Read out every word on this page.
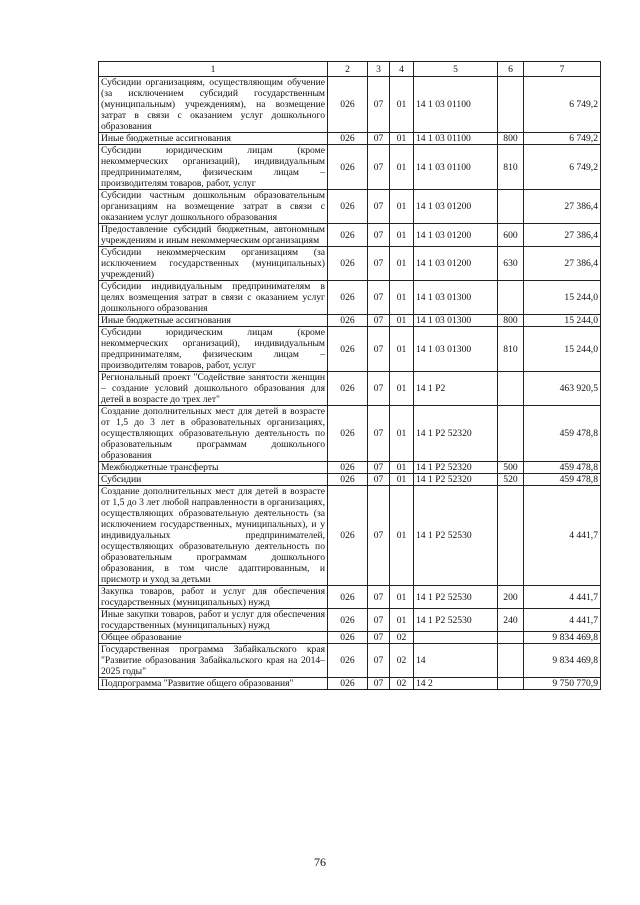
1	2	3	4	5	6	7
Субсидии организациям, осуществляющим обучение (за исключением субсидий государственным (муниципальным) учреждениям), на возмещение затрат в связи с оказанием услуг дошкольного образования	026	07	01	14 1 03 01100		6 749,2
Иные бюджетные ассигнования	026	07	01	14 1 03 01100	800	6 749,2
Субсидии юридическим лицам (кроме некоммерческих организаций), индивидуальным предпринимателям, физическим лицам – производителям товаров, работ, услуг	026	07	01	14 1 03 01100	810	6 749,2
Субсидии частным дошкольным образовательным организациям на возмещение затрат в связи с оказанием услуг дошкольного образования	026	07	01	14 1 03 01200		27 386,4
Предоставление субсидий бюджетным, автономным учреждениям и иным некоммерческим организациям	026	07	01	14 1 03 01200	600	27 386,4
Субсидии некоммерческим организациям (за исключением государственных (муниципальных) учреждений)	026	07	01	14 1 03 01200	630	27 386,4
Субсидии индивидуальным предпринимателям в целях возмещения затрат в связи с оказанием услуг дошкольного образования	026	07	01	14 1 03 01300		15 244,0
Иные бюджетные ассигнования	026	07	01	14 1 03 01300	800	15 244,0
Субсидии юридическим лицам (кроме некоммерческих организаций), индивидуальным предпринимателям, физическим лицам – производителям товаров, работ, услуг	026	07	01	14 1 03 01300	810	15 244,0
Региональный проект "Содействие занятости женщин – создание условий дошкольного образования для детей в возрасте до трех лет"	026	07	01	14 1 P2		463 920,5
Создание дополнительных мест для детей в возрасте от 1,5 до 3 лет в образовательных организациях, осуществляющих образовательную деятельность по образовательным программам дошкольного образования	026	07	01	14 1 P2 52320		459 478,8
Межбюджетные трансферты	026	07	01	14 1 P2 52320	500	459 478,8
Субсидии	026	07	01	14 1 P2 52320	520	459 478,8
Создание дополнительных мест для детей в возрасте от 1,5 до 3 лет любой направленности в организациях, осуществляющих образовательную деятельность (за исключением государственных, муниципальных), и у индивидуальных предпринимателей, осуществляющих образовательную деятельность по образовательным программам дошкольного образования, в том числе адаптированным, и присмотр и уход за детьми	026	07	01	14 1 P2 52530		4 441,7
Закупка товаров, работ и услуг для обеспечения государственных (муниципальных) нужд	026	07	01	14 1 P2 52530	200	4 441,7
Иные закупки товаров, работ и услуг для обеспечения государственных (муниципальных) нужд	026	07	01	14 1 P2 52530	240	4 441,7
Общее образование	026	07	02			9 834 469,8
Государственная программа Забайкальского края "Развитие образования Забайкальского края на 2014–2025 годы"	026	07	02	14		9 834 469,8
Подпрограмма "Развитие общего образования"	026	07	02	14 2		9 750 770,9
76
